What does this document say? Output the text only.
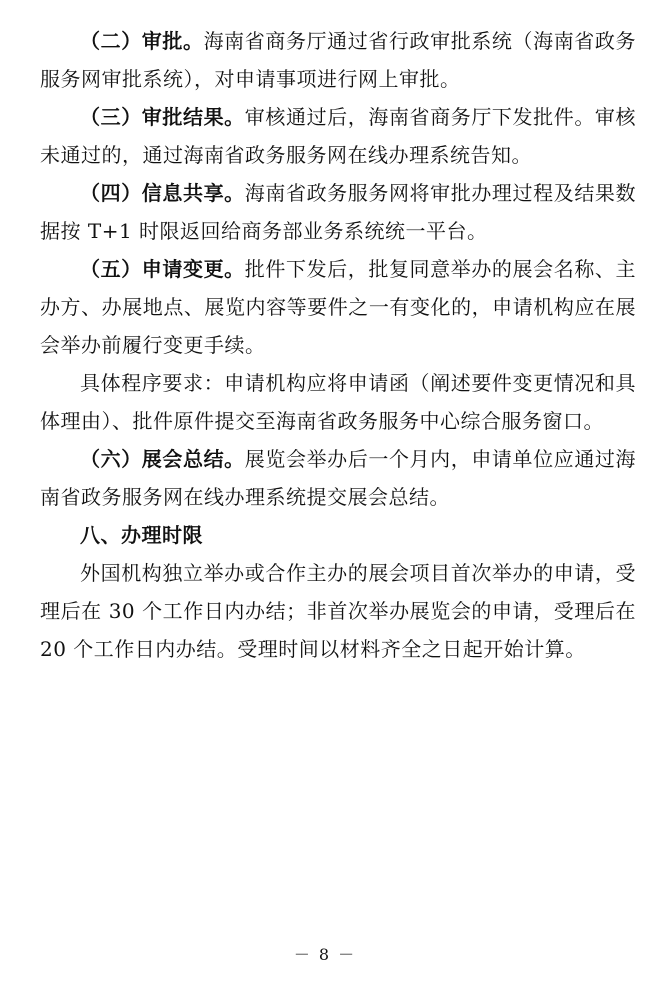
（二）审批。海南省商务厅通过省行政审批系统（海南省政务服务网审批系统），对申请事项进行网上审批。

（三）审批结果。审核通过后，海南省商务厅下发批件。审核未通过的，通过海南省政务服务网在线办理系统告知。

（四）信息共享。海南省政务服务网将审批办理过程及结果数据按 T+1 时限返回给商务部业务系统统一平台。

（五）申请变更。批件下发后，批复同意举办的展会名称、主办方、办展地点、展览内容等要件之一有变化的，申请机构应在展会举办前履行变更手续。

具体程序要求：申请机构应将申请函（阐述要件变更情况和具体理由）、批件原件提交至海南省政务服务中心综合服务窗口。

（六）展会总结。展览会举办后一个月内，申请单位应通过海南省政务服务网在线办理系统提交展会总结。

八、办理时限

外国机构独立举办或合作主办的展会项目首次举办的申请，受理后在 30 个工作日内办结；非首次举办展览会的申请，受理后在 20 个工作日内办结。受理时间以材料齐全之日起开始计算。

－ 8 －
